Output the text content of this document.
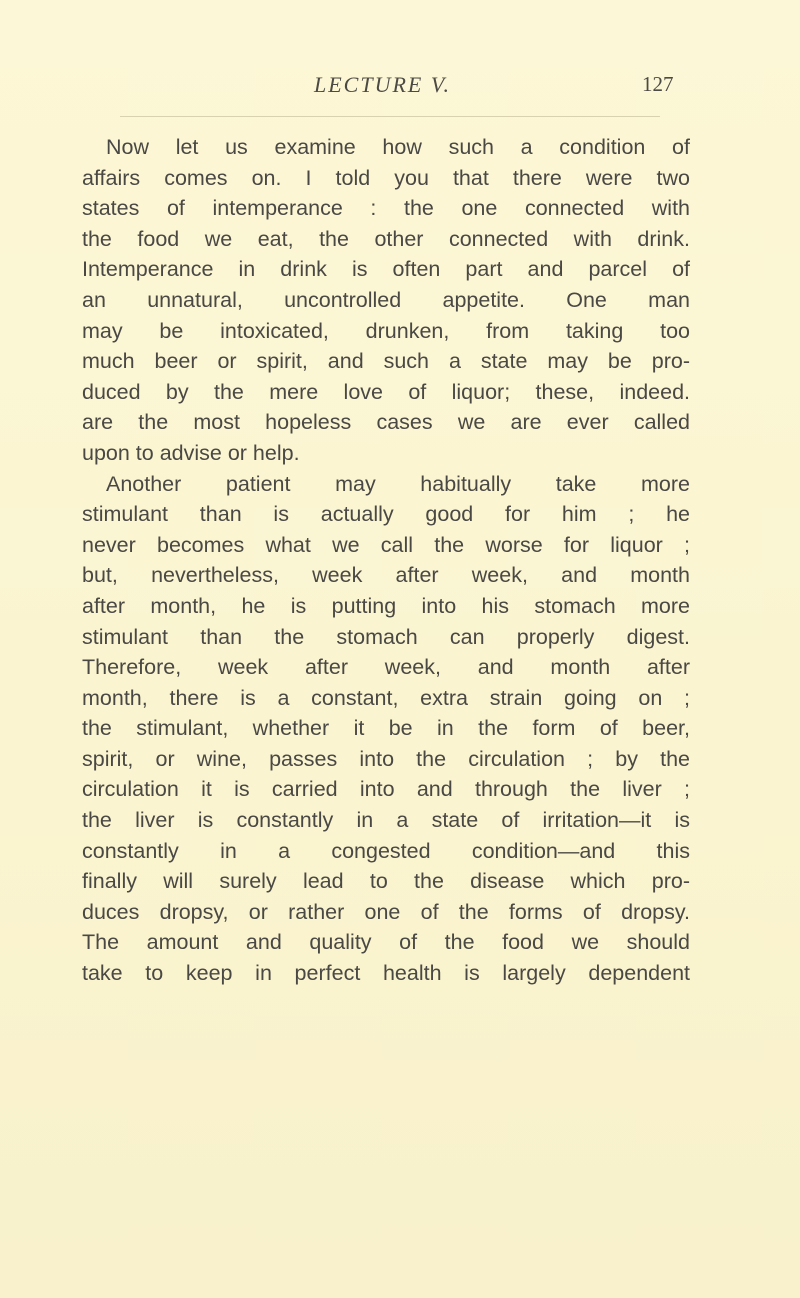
LECTURE V.	127
Now let us examine how such a condition of
affairs comes on. I told you that there were two
states of intemperance : the one connected with
the food we eat, the other connected with drink.
Intemperance in drink is often part and parcel of
an unnatural, uncontrolled appetite. One man
may be intoxicated, drunken, from taking too
much beer or spirit, and such a state may be pro-
duced by the mere love of liquor; these, indeed.
are the most hopeless cases we are ever called
upon to advise or help.
Another patient may habitually take more
stimulant than is actually good for him ; he
never becomes what we call the worse for liquor ;
but, nevertheless, week after week, and month
after month, he is putting into his stomach more
stimulant than the stomach can properly digest.
Therefore, week after week, and month after
month, there is a constant, extra strain going on ;
the stimulant, whether it be in the form of beer,
spirit, or wine, passes into the circulation ; by the
circulation it is carried into and through the liver ;
the liver is constantly in a state of irritation—it is
constantly in a congested condition—and this
finally will surely lead to the disease which pro-
duces dropsy, or rather one of the forms of dropsy.
The amount and quality of the food we should
take to keep in perfect health is largely dependent
